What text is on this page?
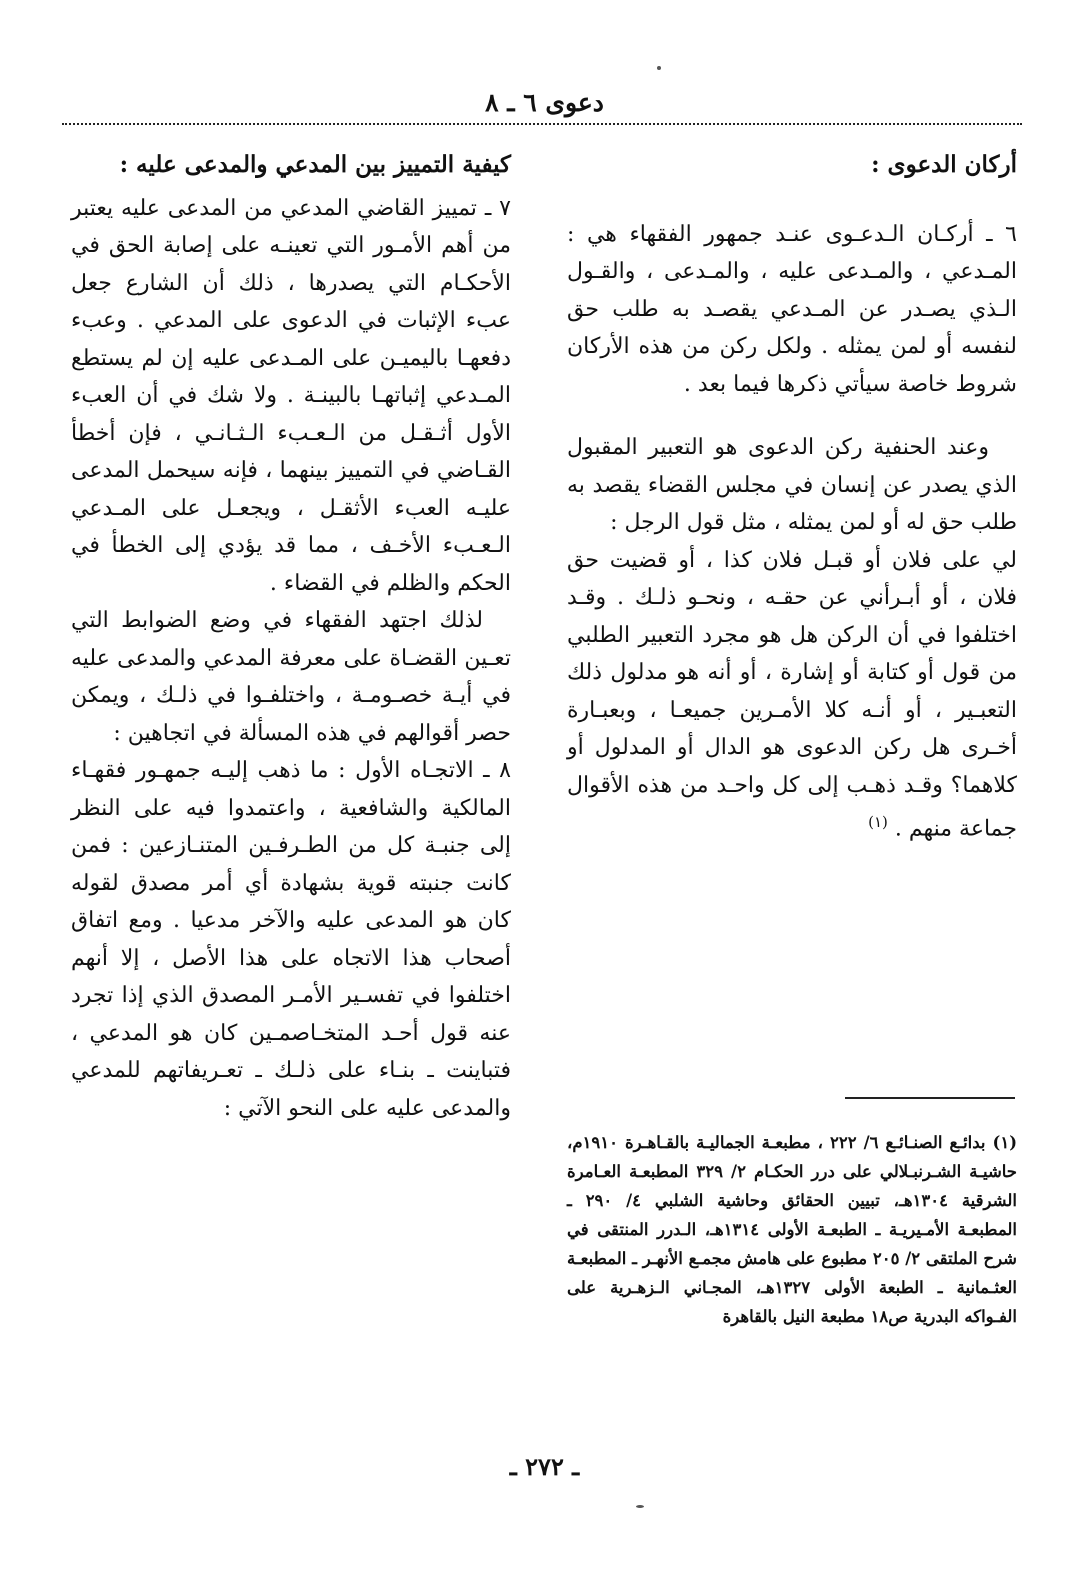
دعوى ٦ ـ ٨
أركان الدعوى :

٦ ـ أركـان الـدعـوى عنـد جمهور الفقهاء هي : المـدعي ، والمـدعى عليه ، والمـدعى ، والقـول الـذي يصـدر عن المـدعي يقصـد به طلب حق لنفسه أو لمن يمثله . ولكل ركن من هذه الأركان شروط خاصة سيأتي ذكرها فيما بعد .

وعند الحنفية ركن الدعوى هو التعبير المقبول الذي يصدر عن إنسان في مجلس القضاء يقصد به طلب حق له أو لمن يمثله ، مثل قول الرجل :

لي على فلان أو قبـل فلان كذا ، أو قضيت حق فلان ، أو أبـرأني عن حقـه ، ونحـو ذلـك . وقـد اختلفوا في أن الركن هل هو مجرد التعبير الطلبي من قول أو كتابة أو إشارة ، أو أنه هو مدلول ذلك التعبـير ، أو أنـه كلا الأمـرين جميعـا ، وبعبـارة أخـرى هل ركن الدعوى هو الدال أو المدلول أو كلاهما؟ وقـد ذهـب إلى كل واحـد من هذه الأقوال جماعة منهم . $^{(١)}$

كيفية التمييز بين المدعي والمدعى عليه :

٧ ـ تمييز القاضي المدعي من المدعى عليه يعتبر من أهم الأمـور التي تعينـه على إصابة الحق في الأحكـام التي يصدرها ، ذلك أن الشارع جعل عبء الإثبات في الدعوى على المدعي . وعبء دفعهـا باليميـن على المـدعى عليه إن لم يستطع المـدعي إثباتهـا بالبينـة . ولا شك في أن العبء الأول أثـقـل من الـعـبء الـثـانـي ، فإن أخطأ القـاضي في التمييز بينهما ، فإنه سيحمل المدعى عليـه العبء الأثقـل ، ويجعـل على المـدعي الـعـبء الأخـف ، مما قد يؤدي إلى الخطأ في الحكم والظلم في القضاء .

لذلك اجتهد الفقهاء في وضع الضوابط التي تعـين القضـاة على معرفة المدعي والمدعى عليه في أيـة خصـومـة ، واختلفـوا في ذلـك ، ويمكن حصر أقوالهم في هذه المسألة في اتجاهين :

٨ ـ الاتجـاه الأول : ما ذهب إليـه جمهـور فقهـاء المالكية والشافعية ، واعتمدوا فيه على النظر إلى جنبـة كل من الطـرفـين المتنـازعين : فمن كانت جنبته قوية بشهادة أي أمر مصدق لقوله كان هو المدعى عليه والآخر مدعيا . ومع اتفاق أصحاب هذا الاتجاه على هذا الأصل ، إلا أنهم اختلفوا في تفسـير الأمـر المصدق الذي إذا تجرد عنه قول أحـد المتخـاصمـين كان هو المدعي ، فتباينت ـ بنـاء على ذلـك ـ تعـريفاتهم للمدعي والمدعى عليه على النحو الآتي :

(١) بدائـع الصنـائـع ٦/ ٢٢٢ ، مطبعـة الجماليـة بالقـاهـرة ١٩١٠م، حاشيـة الشـرنبـلالي على درر الحكـام ٢/ ٣٢٩ المطبعـة العـامرة الشرقية ١٣٠٤هـ، تبيين الحقائق وحاشية الشلبي ٤/ ٢٩٠ ـ المطبعـة الأمـيريـة ـ الطبعـة الأولى ١٣١٤هـ، الـدرر المنتقى في شرح الملتقى ٢/ ٢٠٥ مطبوع على هامش مجمـع الأنهـر ـ المطبعـة العثـمانية ـ الطبعة الأولى ١٣٢٧هـ، المجـاني الـزهـرية على الفـواكه البدرية ص١٨ مطبعة النيل بالقاهرة
ـ ٢٧٢ ـ
